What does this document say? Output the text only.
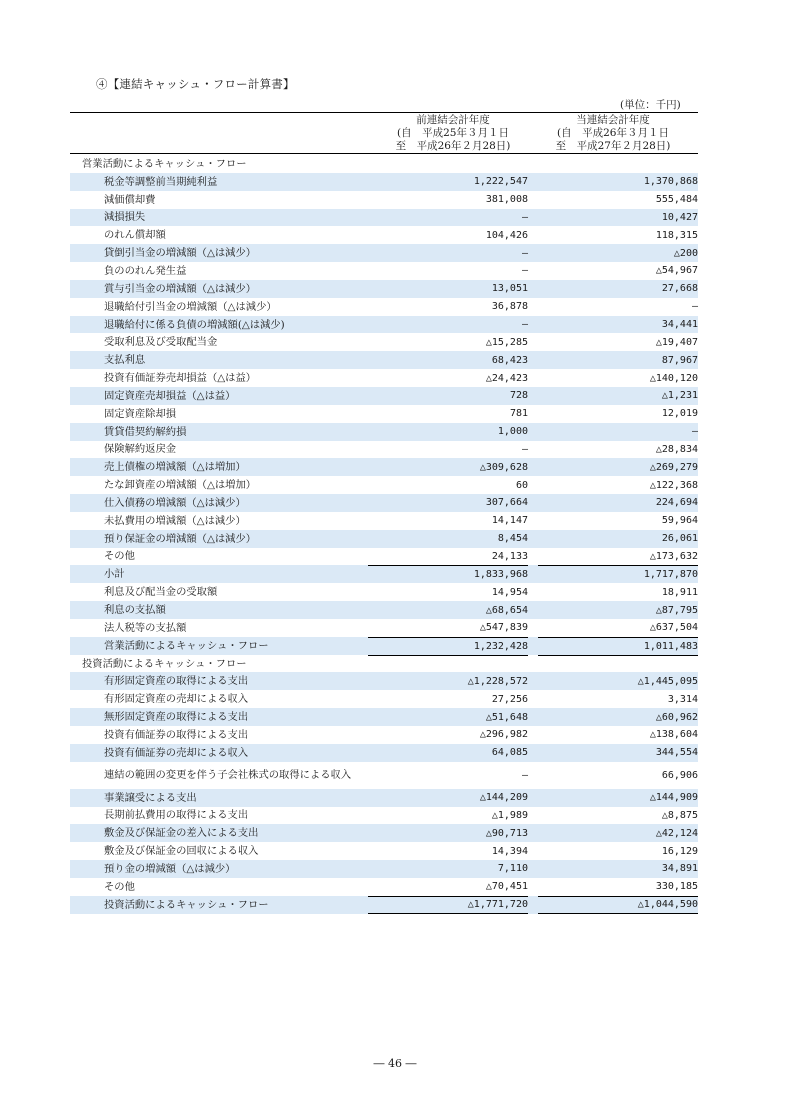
④【連結キャッシュ・フロー計算書】
(単位：千円)
前連結会計年度
(自　平成25年３月１日
至　平成26年２月28日)
当連結会計年度
(自　平成26年３月１日
至　平成27年２月28日)
営業活動によるキャッシュ・フロー
税金等調整前当期純利益	1,222,547	1,370,868
減価償却費	381,008	555,484
減損損失	―	10,427
のれん償却額	104,426	118,315
貸倒引当金の増減額（△は減少）	―	△200
負ののれん発生益	―	△54,967
賞与引当金の増減額（△は減少）	13,051	27,668
退職給付引当金の増減額（△は減少）	36,878	―
退職給付に係る負債の増減額(△は減少)	―	34,441
受取利息及び受取配当金	△15,285	△19,407
支払利息	68,423	87,967
投資有価証券売却損益（△は益）	△24,423	△140,120
固定資産売却損益（△は益）	728	△1,231
固定資産除却損	781	12,019
賃貸借契約解約損	1,000	―
保険解約返戻金	―	△28,834
売上債権の増減額（△は増加）	△309,628	△269,279
たな卸資産の増減額（△は増加）	60	△122,368
仕入債務の増減額（△は減少）	307,664	224,694
未払費用の増減額（△は減少）	14,147	59,964
預り保証金の増減額（△は減少）	8,454	26,061
その他	24,133	△173,632
小計	1,833,968	1,717,870
利息及び配当金の受取額	14,954	18,911
利息の支払額	△68,654	△87,795
法人税等の支払額	△547,839	△637,504
営業活動によるキャッシュ・フロー	1,232,428	1,011,483
投資活動によるキャッシュ・フロー
有形固定資産の取得による支出	△1,228,572	△1,445,095
有形固定資産の売却による収入	27,256	3,314
無形固定資産の取得による支出	△51,648	△60,962
投資有価証券の取得による支出	△296,982	△138,604
投資有価証券の売却による収入	64,085	344,554
連結の範囲の変更を伴う子会社株式の取得による収入	―	66,906
事業譲受による支出	△144,209	△144,909
長期前払費用の取得による支出	△1,989	△8,875
敷金及び保証金の差入による支出	△90,713	△42,124
敷金及び保証金の回収による収入	14,394	16,129
預り金の増減額（△は減少）	7,110	34,891
その他	△70,451	330,185
投資活動によるキャッシュ・フロー	△1,771,720	△1,044,590
― 46 ―
